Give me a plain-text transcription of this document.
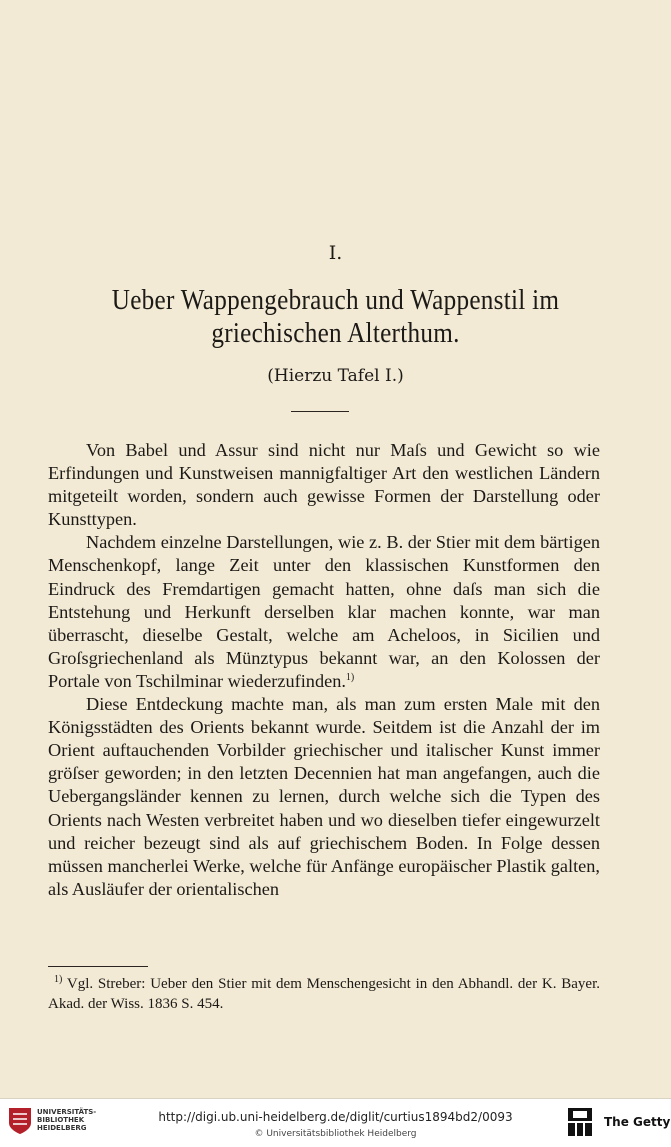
I.
Ueber Wappengebrauch und Wappenstil im
griechischen Alterthum.
(Hierzu Tafel I.)

Von Babel und Assur sind nicht nur Maſs und Gewicht so wie Erfindungen und Kunstweisen mannigfaltiger Art den westlichen Ländern mitgeteilt worden, sondern auch gewisse Formen der Darstellung oder Kunsttypen.

Nachdem einzelne Darstellungen, wie z. B. der Stier mit dem bärtigen Menschenkopf, lange Zeit unter den klassischen Kunstformen den Eindruck des Fremdartigen gemacht hatten, ohne daſs man sich die Entstehung und Herkunft derselben klar machen konnte, war man überrascht, dieselbe Gestalt, welche am Acheloos, in Sicilien und Groſsgriechenland als Münztypus bekannt war, an den Kolossen der Portale von Tschilminar wiederzufinden.$^{1)}$

Diese Entdeckung machte man, als man zum ersten Male mit den Königsstädten des Orients bekannt wurde. Seitdem ist die Anzahl der im Orient auftauchenden Vorbilder griechischer und italischer Kunst immer gröſser geworden; in den letzten Decennien hat man angefangen, auch die Uebergangsländer kennen zu lernen, durch welche sich die Typen des Orients nach Westen verbreitet haben und wo dieselben tiefer eingewurzelt und reicher bezeugt sind als auf griechischem Boden. In Folge dessen müssen mancherlei Werke, welche für Anfänge europäischer Plastik galten, als Ausläufer der orientalischen

$^{1)}$ Vgl. Streber: Ueber den Stier mit dem Menschengesicht in den Abhandl. der K. Bayer. Akad. der Wiss. 1836 S. 454.
UNIVERSITÄTS-
BIBLIOTHEK
HEIDELBERG
http://digi.ub.uni-heidelberg.de/diglit/curtius1894bd2/0093
© Universitätsbibliothek Heidelberg
The Getty
